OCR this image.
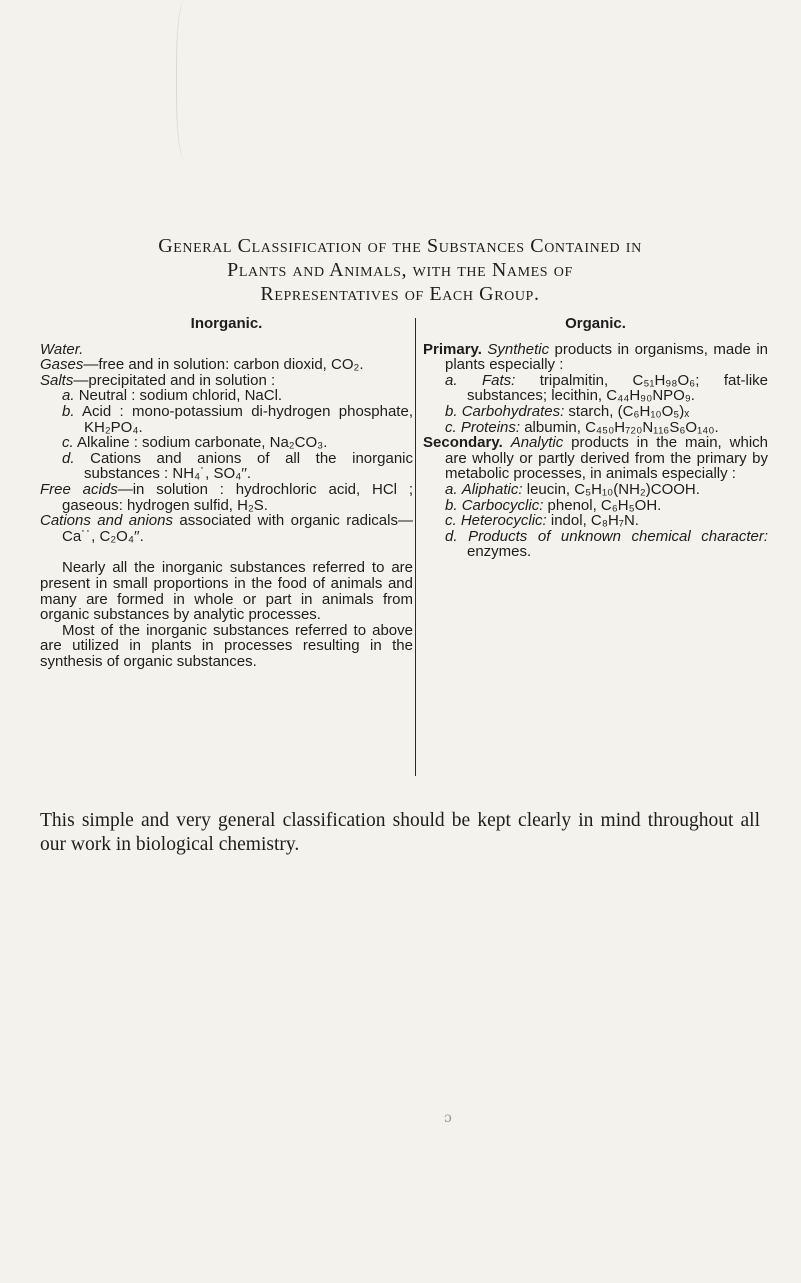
General Classification of the Substances Contained in
Plants and Animals, with the Names of
Representatives of Each Group.
Inorganic.

Water.

Gases—free and in solution: carbon dioxid, CO₂.

Salts—precipitated and in solution :

a. Neutral : sodium chlorid, NaCl.

b. Acid : mono-potassium di-hydrogen phosphate, KH₂PO₄.

c. Alkaline : sodium carbonate, Na₂CO₃.

d. Cations and anions of all the inorganic substances : NH₄˙, SO₄′′.

Free acids—in solution : hydrochloric acid, HCl ; gaseous: hydrogen sulfid, H₂S.

Cations and anions associated with organic radicals—Ca˙˙, C₂O₄′′.

Nearly all the inorganic substances referred to are present in small proportions in the food of animals and many are formed in whole or part in animals from organic substances by analytic processes.

Most of the inorganic substances referred to above are utilized in plants in processes resulting in the synthesis of organic substances.

Organic.

Primary. Synthetic products in organisms, made in plants especially :

a. Fats: tripalmitin, C₅₁H₉₈O₆; fat-like substances; lecithin, C₄₄H₉₀NPO₉.

b. Carbohydrates: starch, (C₆H₁₀O₅)ₓ

c. Proteins: albumin, C₄₅₀H₇₂₀N₁₁₆S₆O₁₄₀.

Secondary. Analytic products in the main, which are wholly or partly derived from the primary by metabolic processes, in animals especially :

a. Aliphatic: leucin, C₅H₁₀(NH₂)COOH.

b. Carbocyclic: phenol, C₆H₅OH.

c. Heterocyclic: indol, C₈H₇N.

d. Products of unknown chemical character: enzymes.

This simple and very general classification should be kept clearly in mind throughout all our work in biological chemistry.

ɔ
